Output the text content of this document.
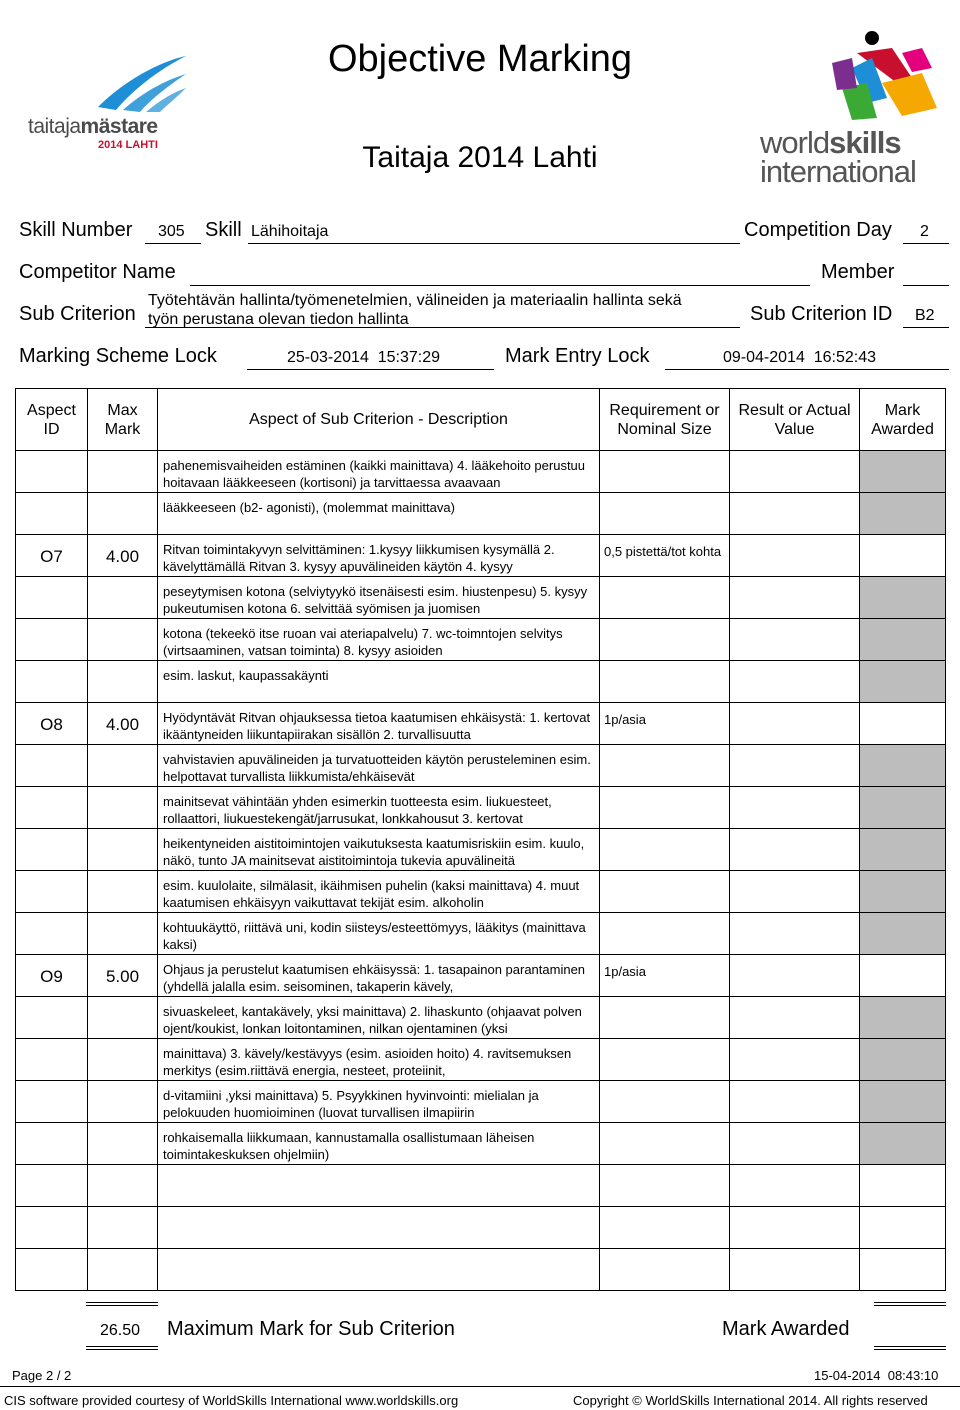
taitajamästare
2014 LAHTI	worldskills
international
Objective Marking
Taitaja 2014 Lahti
Skill Number 305 Skill Lähihoitaja	Competition Day 2
Competitor Name	Member
Sub Criterion
Työtehtävän hallinta/työmenetelmien, välineiden ja materiaalin hallinta sekä
työn perustana olevan tiedon hallinta	Sub Criterion ID B2
Marking Scheme Lock	25-03-2014  15:37:29	Mark Entry Lock	09-04-2014  16:52:43
Aspect ID	Max Mark	Aspect of Sub Criterion - Description	Requirement or Nominal Size	Result or Actual Value	Mark Awarded

		pahenemisvaiheiden estäminen (kaikki mainittava) 4. lääkehoito perustuu hoitavaan lääkkeeseen (kortisoni) ja tarvittaessa avaavaan			
		lääkkeeseen (b2- agonisti), (molemmat mainittava)			
O7	4.00	Ritvan toimintakyvyn selvittäminen: 1.kysyy liikkumisen kysymällä 2. kävelyttämällä Ritvan 3. kysyy apuvälineiden käytön 4. kysyy	0,5 pistettä/tot kohta		
		peseytymisen kotona (selviytyykö itsenäisesti esim. hiustenpesu) 5. kysyy pukeutumisen kotona 6. selvittää syömisen ja juomisen			
		kotona (tekeekö itse ruoan vai ateriapalvelu) 7. wc-toimntojen selvitys (virtsaaminen, vatsan toiminta) 8. kysyy asioiden			
		esim. laskut, kaupassakäynti			
O8	4.00	Hyödyntävät Ritvan ohjauksessa tietoa kaatumisen ehkäisystä: 1. kertovat ikääntyneiden liikuntapiirakan sisällön 2. turvallisuutta	1p/asia		
		vahvistavien apuvälineiden ja turvatuotteiden käytön perusteleminen esim. helpottavat turvallista liikkumista/ehkäisevät			
		mainitsevat vähintään yhden esimerkin tuotteesta esim. liukuesteet, rollaattori, liukuestekengät/jarrusukat, lonkkahousut 3. kertovat			
		heikentyneiden aistitoimintojen vaikutuksesta kaatumisriskiin esim. kuulo, näkö, tunto JA mainitsevat aistitoimintoja tukevia apuvälineitä			
		esim. kuulolaite, silmälasit, ikäihmisen puhelin (kaksi mainittava) 4. muut kaatumisen ehkäisyyn vaikuttavat tekijät esim. alkoholin			
		kohtuukäyttö, riittävä uni, kodin siisteys/esteettömyys, lääkitys (mainittava kaksi)			
O9	5.00	Ohjaus ja perustelut kaatumisen ehkäisyssä: 1. tasapainon parantaminen (yhdellä jalalla esim. seisominen, takaperin kävely,	1p/asia		
		sivuaskeleet, kantakävely, yksi mainittava) 2. lihaskunto (ohjaavat polven ojent/koukist, lonkan loitontaminen, nilkan ojentaminen (yksi			
		mainittava) 3. kävely/kestävyys (esim. asioiden hoito) 4. ravitsemuksen merkitys (esim.riittävä energia, nesteet, proteiinit,			
		d-vitamiini ,yksi mainittava) 5. Psyykkinen hyvinvointi: mielialan ja pelokuuden huomioiminen (luovat turvallisen ilmapiirin			
		rohkaisemalla liikkumaan, kannustamalla osallistumaan läheisen toimintakeskuksen ohjelmiin)			

26.50 Maximum Mark for Sub Criterion	Mark Awarded
Page 2 / 2	15-04-2014  08:43:10
CIS software provided courtesy of WorldSkills International www.worldskills.org	Copyright © WorldSkills International 2014. All rights reserved
